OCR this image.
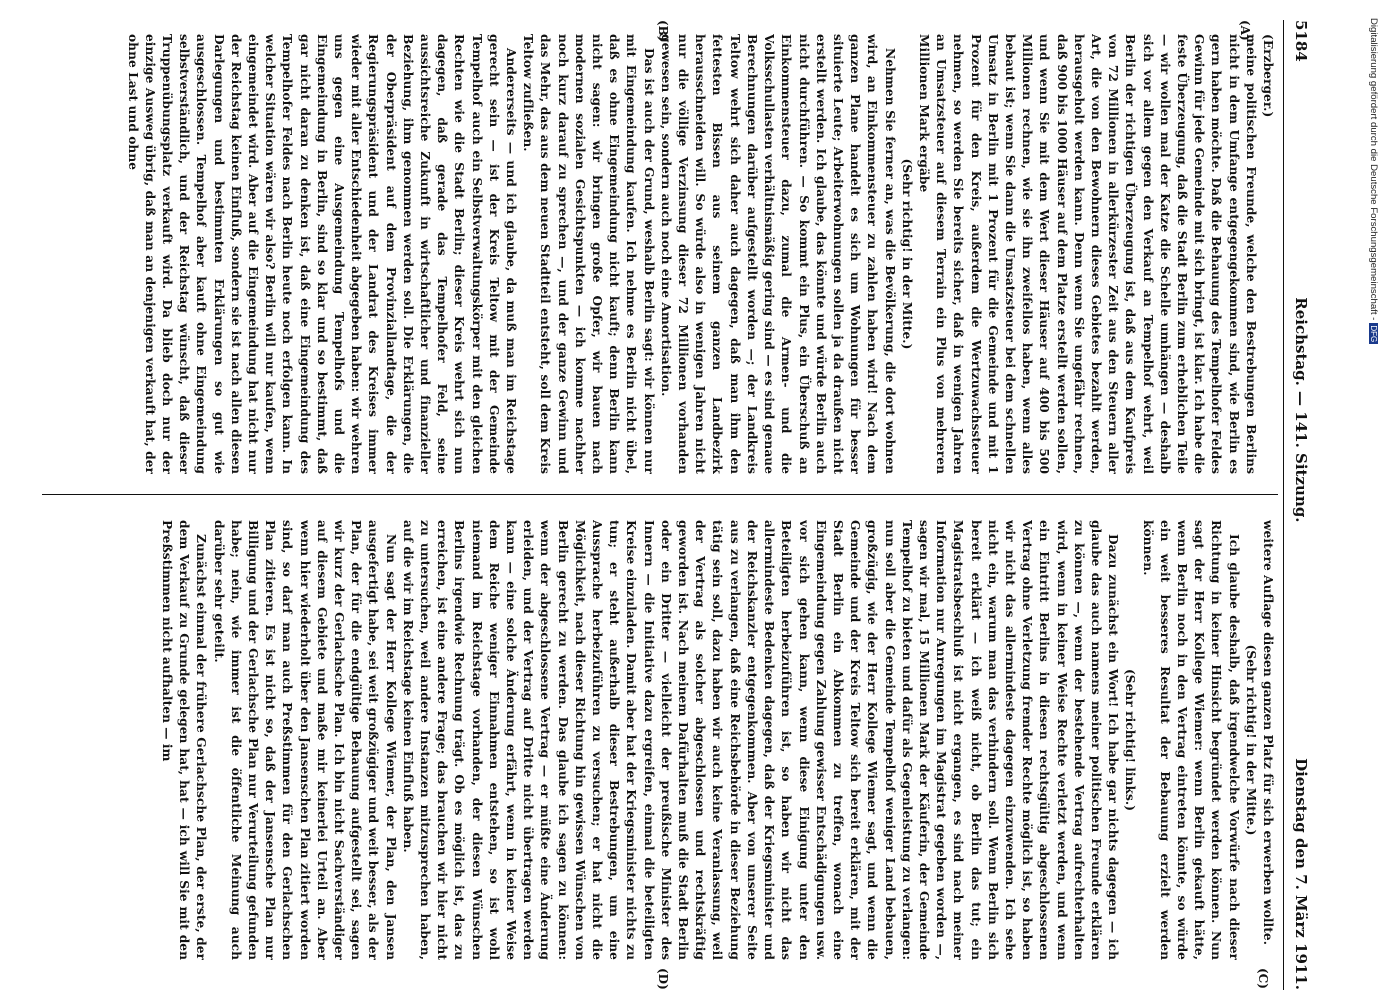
5184
Reichstag. — 141. Sitzung.
Dienstag den 7. März 1911.
(A)
(B)
(C)
(D)

(Erzberger.)

meine politischen Freunde, welche den Bestrebungen Berlins nicht in dem Umfange entgegengekommen sind, wie Berlin es gern haben möchte. Daß die Behauung des Tempelhofer Feldes Gewinn für jede Gemeinde mit sich bringt, ist klar. Ich habe die feste Überzeugung, daß die Stadt Berlin zum erheblichen Teile — wir wollen mal der Katze die Schelle umhängen — deshalb sich vor allem gegen den Verkauf an Tempelhof wehrt, weil Berlin der richtigen Überzeugung ist, daß aus dem Kaufpreis von 72 Millionen in allerkürzester Zeit aus den Steuern aller Art, die von den Bewohnern dieses Gebietes bezahlt werden, herausgeholt werden kann. Denn wenn Sie ungefähr rechnen, daß 900 bis 1000 Häuser auf dem Platze erstellt werden sollen, und wenn Sie mit dem Wert dieser Häuser auf 400 bis 500 Millionen rechnen, wie sie ihn zweifellos haben, wenn alles bebaut ist; wenn Sie dann die Umsatzsteuer bei dem schnellen Umsatz in Berlin mit 1 Prozent für die Gemeinde und mit 1 Prozent für den Kreis, außerdem die Wertzuwachssteuer nehmen, so werden Sie bereits sicher, daß in wenigen Jahren an Umsatzsteuer auf diesem Terrain ein Plus von mehreren Millionen Mark ergäbe

(Sehr richtig! in der Mitte.)

Nehmen Sie ferner an, was die Bevölkerung, die dort wohnen wird, an Einkommensteuer zu zahlen haben wird! Nach dem ganzen Plane handelt es sich um Wohnungen für besser situierte Leute; Arbeiterwohnungen sollen ja da draußen nicht erstellt werden. Ich glaube, das könnte und würde Berlin auch nicht durchführen. — So kommt ein Plus, ein Überschuß an Einkommensteuer dazu, zumal die Armen- und die Volksschullasten verhältnismäßig gering sind — es sind genaue Berechnungen darüber aufgestellt worden —; der Landkreis Teltow wehrt sich daher auch dagegen, daß man ihm den fettesten Bissen aus seinem ganzen Landbezirk herausschneiden will. So würde also in wenigen Jahren nicht nur die völlige Verzinsung dieser 72 Millionen vorhanden gewesen sein, sondern auch noch eine Amortisation.

Das ist auch der Grund, weshalb Berlin sagt: wir können nur mit Eingemeindung kaufen. Ich nehme es Berlin nicht übel, daß es ohne Eingemeindung nicht kauft; denn Berlin kann nicht sagen: wir bringen große Opfer, wir bauen nach modernen sozialen Gesichtspunkten — ich komme nachher noch kurz darauf zu sprechen —, und der ganze Gewinn und das Mehr, das aus dem neuen Stadtteil entsteht, soll dem Kreis Teltow zufließen.

Andererseits — und ich glaube, da muß man im Reichstage gerecht sein — ist der Kreis Teltow mit der Gemeinde Tempelhof auch ein Selbstverwaltungskörper mit den gleichen Rechten wie die Stadt Berlin; dieser Kreis wehrt sich nun dagegen, daß gerade das Tempelhofer Feld, seine aussichtsreiche Zukunft in wirtschaftlicher und finanzieller Beziehung, ihm genommen werden soll. Die Erklärungen, die der Oberpräsident auf dem Provinziallandtage, die der Regierungspräsident und der Landrat des Kreises immer wieder mit aller Entschiedenheit abgegeben haben: wir wehren uns gegen eine Ausgemeindung Tempelhofs und die Eingemeindung in Berlin, sind so klar und so bestimmt, daß gar nicht daran zu denken ist, daß eine Eingemeindung des Tempelhofer Feldes nach Berlin heute noch erfolgen kann. In welcher Situation wären wir also? Berlin will nur kaufen, wenn eingemeindet wird. Aber auf die Eingemeindung hat nicht nur der Reichstag keinen Einfluß, sondern sie ist nach allen diesen Darlegungen und bestimmten Erklärungen so gut wie ausgeschlossen. Tempelhof aber kauft ohne Eingemeindung selbstverständlich, und der Reichstag wünscht, daß dieser Truppenübungsplatz verkauft wird. Da blieb doch nur der einzige Ausweg übrig, daß man an denjenigen verkauft hat, der ohne Last und ohne

weitere Auflage diesen ganzen Platz für sich erwerben wollte.

(Sehr richtig! in der Mitte.)

Ich glaube deshalb, daß irgendwelche Vorwürfe nach dieser Richtung in keiner Hinsicht begründet werden können. Nun sagt der Herr Kollege Wiemer: wenn Berlin gekauft hätte, wenn Berlin noch in den Vertrag eintreten könnte, so würde ein weit besseres Resultat der Bebauung erzielt werden können.

(Sehr richtig! links.)

Dazu zunächst ein Wort! Ich habe gar nichts dagegen — ich glaube das auch namens meiner politischen Freunde erklären zu können —, wenn der bestehende Vertrag aufrechterhalten wird, wenn in keiner Weise Rechte verletzt werden, und wenn ein Eintritt Berlins in diesen rechtsgültig abgeschlossenen Vertrag ohne Verletzung fremder Rechte möglich ist, so haben wir nicht das allermindeste dagegen einzuwenden. Ich sehe nicht ein, warum man das verhindern soll. Wenn Berlin sich bereit erklärt — ich weiß nicht, ob Berlin das tut; ein Magistratsbeschluß ist nicht ergangen, es sind nach meiner Information nur Anregungen im Magistrat gegeben worden —, sagen wir mal, 15 Millionen Mark der Käuferin, der Gemeinde Tempelhof zu bieten und dafür als Gegenleistung zu verlangen: nun soll aber die Gemeinde Tempelhof weniger Land bebauen, großzügig, wie der Herr Kollege Wiemer sagt, und wenn die Gemeinde und der Kreis Teltow sich bereit erklären, mit der Stadt Berlin ein Abkommen zu treffen, wonach eine Eingemeindung gegen Zahlung gewisser Entschädigungen usw. vor sich gehen kann, wenn diese Einigung unter den Beteiligten herbeizuführen ist, so haben wir nicht das allermindeste Bedenken dagegen, daß der Kriegsminister und der Reichskanzler entgegenkommen. Aber von unserer Seite aus zu verlangen, daß eine Reichsbehörde in dieser Beziehung tätig sein soll, dazu haben wir auch keine Veranlassung, weil der Vertrag als solcher abgeschlossen und rechtskräftig geworden ist. Nach meinem Dafürhalten muß die Stadt Berlin oder ein Dritter — vielleicht der preußische Minister des Innern — die Initiative dazu ergreifen, einmal die beteiligten Kreise einzuladen. Damit aber hat der Kriegsminister nichts zu tun; er steht außerhalb dieser Bestrebungen, um eine Aussprache herbeizuführen zu versuchen; er hat nicht die Möglichkeit, nach dieser Richtung hin gewissen Wünschen von Berlin gerecht zu werden. Das glaube ich sagen zu können: wenn der abgeschlossene Vertrag — er müßte eine Änderung erleiden, und der Vertrag auf Dritte nicht übertragen werden kann — eine solche Änderung erfährt, wenn in keiner Weise dem Reiche weniger Einnahmen entstehen, so ist wohl niemand im Reichstage vorhanden, der diesen Wünschen Berlins irgendwie Rechnung trägt. Ob es möglich ist, das zu erreichen, ist eine andere Frage; das brauchen wir hier nicht zu untersuchen, weil andere Instanzen mitzusprechen haben, auf die wir im Reichstage keinen Einfluß haben.

Nun sagt der Herr Kollege Wiemer, der Plan, den Jansen ausgefertigt habe, sei weit großzügiger und weit besser, als der Plan, der für die endgültige Behauung aufgestellt sei, sagen wir kurz der Gerlachsche Plan. Ich bin nicht Sachverständiger auf diesem Gebiete und maße mir keinerlei Urteil an. Aber wenn hier wiederholt über den Jansenschen Plan zitiert worden sind, so darf man auch Preßstimmen für den Gerlachschen Plan zitieren. Es ist nicht so, daß der Jansensche Plan nur Billigung und der Gerlachsche Plan nur Verurteilung gefunden habe; nein, wie immer ist die öffentliche Meinung auch darüber sehr geteilt.

Zunächst einmal der frühere Gerlachsche Plan, der erste, der dem Verkauf zu Grunde gelegen hat, hat — ich will Sie mit den Preßstimmen nicht aufhalten — im

Digitalisierung gefördert durch die Deutsche Forschungsgemeinschaft -DFG
